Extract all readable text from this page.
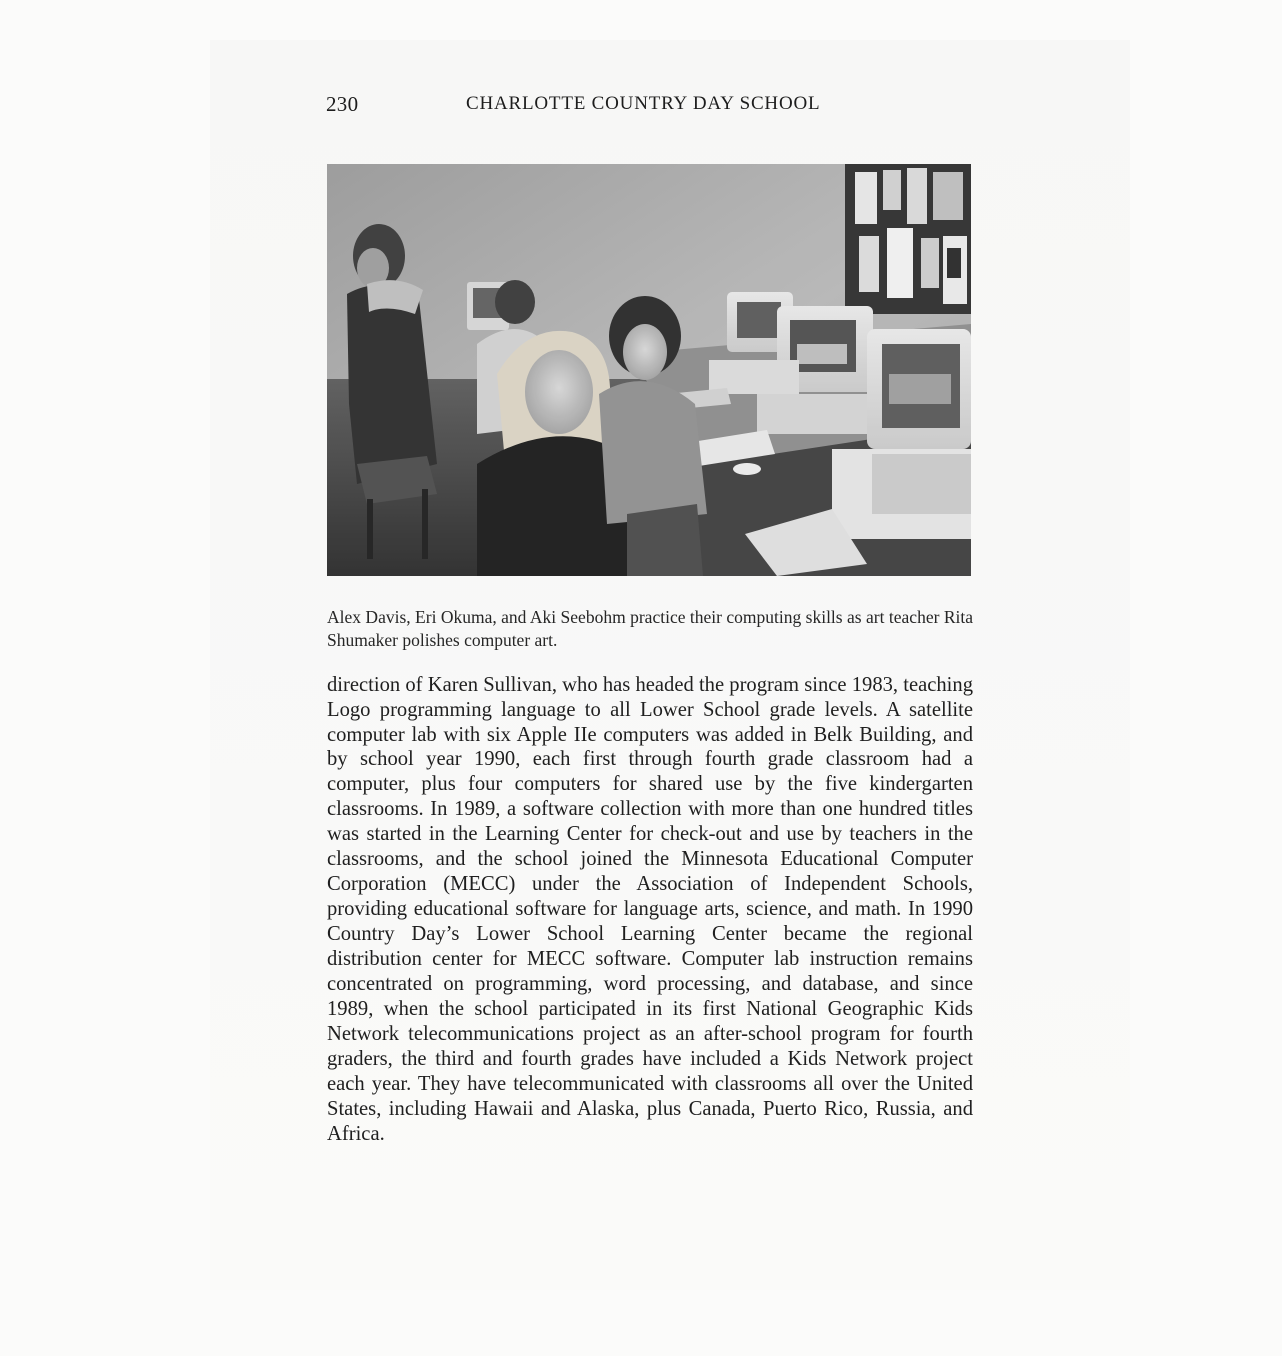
230	CHARLOTTE COUNTRY DAY SCHOOL

Alex Davis, Eri Okuma, and Aki Seebohm practice their computing skills as art teacher Rita Shumaker polishes computer art.

direction of Karen Sullivan, who has headed the program since 1983, teaching Logo programming language to all Lower School grade levels. A satellite computer lab with six Apple IIe computers was added in Belk Building, and by school year 1990, each first through fourth grade classroom had a computer, plus four computers for shared use by the five kindergarten classrooms. In 1989, a software collection with more than one hundred titles was started in the Learning Center for check-out and use by teachers in the classrooms, and the school joined the Minnesota Educational Computer Corporation (MECC) under the Association of Independent Schools, providing educational software for language arts, science, and math. In 1990 Country Day’s Lower School Learning Center became the regional distribution center for MECC software. Computer lab instruction remains concentrated on programming, word processing, and database, and since 1989, when the school participated in its first National Geographic Kids Network telecommunications project as an after-school program for fourth graders, the third and fourth grades have included a Kids Network project each year. They have telecommunicated with classrooms all over the United States, including Hawaii and Alaska, plus Canada, Puerto Rico, Russia, and Africa.
